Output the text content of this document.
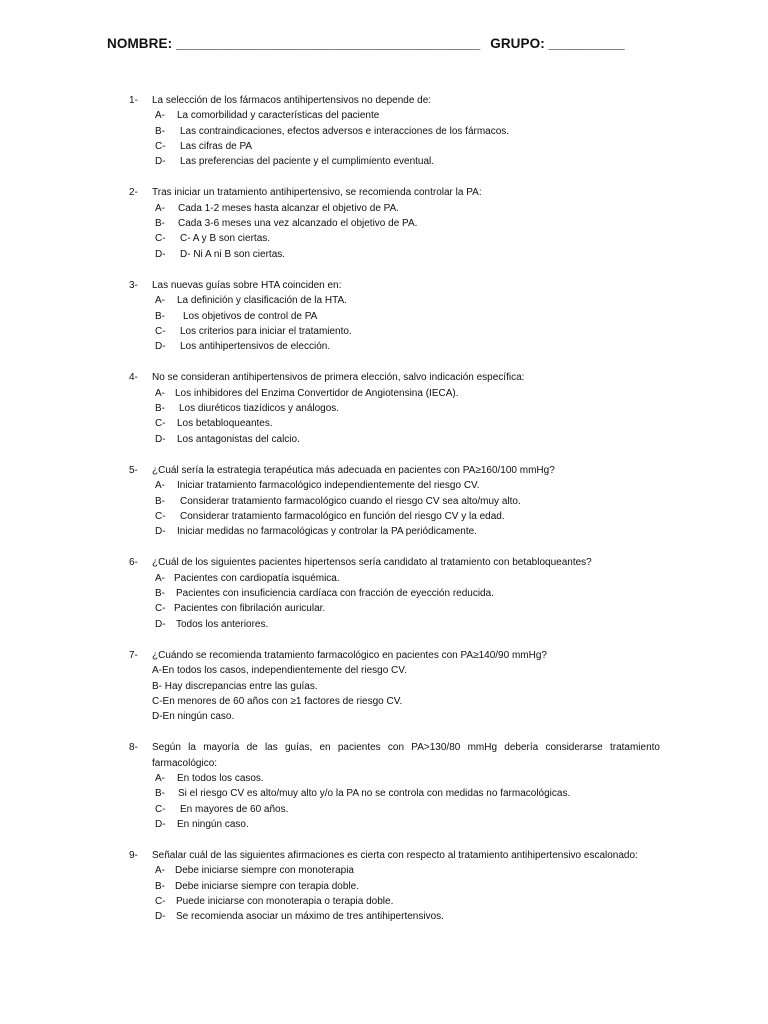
NOMBRE: ________________________________________ GRUPO: __________
1- La selección de los fármacos antihipertensivos no depende de:
A- La comorbilidad y características del paciente
B- Las contraindicaciones, efectos adversos e interacciones de los fármacos.
C- Las cifras de PA
D- Las preferencias del paciente y el cumplimiento eventual.
2- Tras iniciar un tratamiento antihipertensivo, se recomienda controlar la PA:
A- Cada 1-2 meses hasta alcanzar el objetivo de PA.
B- Cada 3-6 meses una vez alcanzado el objetivo de PA.
C- C- A y B son ciertas.
D- D- Ni A ni B son ciertas.
3- Las nuevas guías sobre HTA coinciden en:
A- La definición y clasificación de la HTA.
B- Los objetivos de control de PA
C- Los criterios para iniciar el tratamiento.
D- Los antihipertensivos de elección.
4- No se consideran antihipertensivos de primera elección, salvo indicación específica:
A- Los inhibidores del Enzima Convertidor de Angiotensina (IECA).
B- Los diuréticos tiazídicos y análogos.
C- Los betabloqueantes.
D- Los antagonistas del calcio.
5- ¿Cuál sería la estrategia terapéutica más adecuada en pacientes con PA≥160/100 mmHg?
A- Iniciar tratamiento farmacológico independientemente del riesgo CV.
B- Considerar tratamiento farmacológico cuando el riesgo CV sea alto/muy alto.
C- Considerar tratamiento farmacológico en función del riesgo CV y la edad.
D- Iniciar medidas no farmacológicas y controlar la PA periódicamente.
6- ¿Cuál de los siguientes pacientes hipertensos sería candidato al tratamiento con betabloqueantes?
A- Pacientes con cardiopatía isquémica.
B- Pacientes con insuficiencia cardíaca con fracción de eyección reducida.
C- Pacientes con fibrilación auricular.
D- Todos los anteriores.
7- ¿Cuándo se recomienda tratamiento farmacológico en pacientes con PA≥140/90 mmHg?
A-En todos los casos, independientemente del riesgo CV.
B- Hay discrepancias entre las guías.
C-En menores de 60 años con ≥1 factores de riesgo CV.
D-En ningún caso.
8- Según la mayoría de las guías, en pacientes con PA>130/80 mmHg debería considerarse tratamiento farmacológico:
A- En todos los casos.
B- Si el riesgo CV es alto/muy alto y/o la PA no se controla con medidas no farmacológicas.
C- En mayores de 60 años.
D- En ningún caso.
9- Señalar cuál de las siguientes afirmaciones es cierta con respecto al tratamiento antihipertensivo escalonado:
A- Debe iniciarse siempre con monoterapia
B- Debe iniciarse siempre con terapia doble.
C- Puede iniciarse con monoterapia o terapia doble.
D- Se recomienda asociar un máximo de tres antihipertensivos.
